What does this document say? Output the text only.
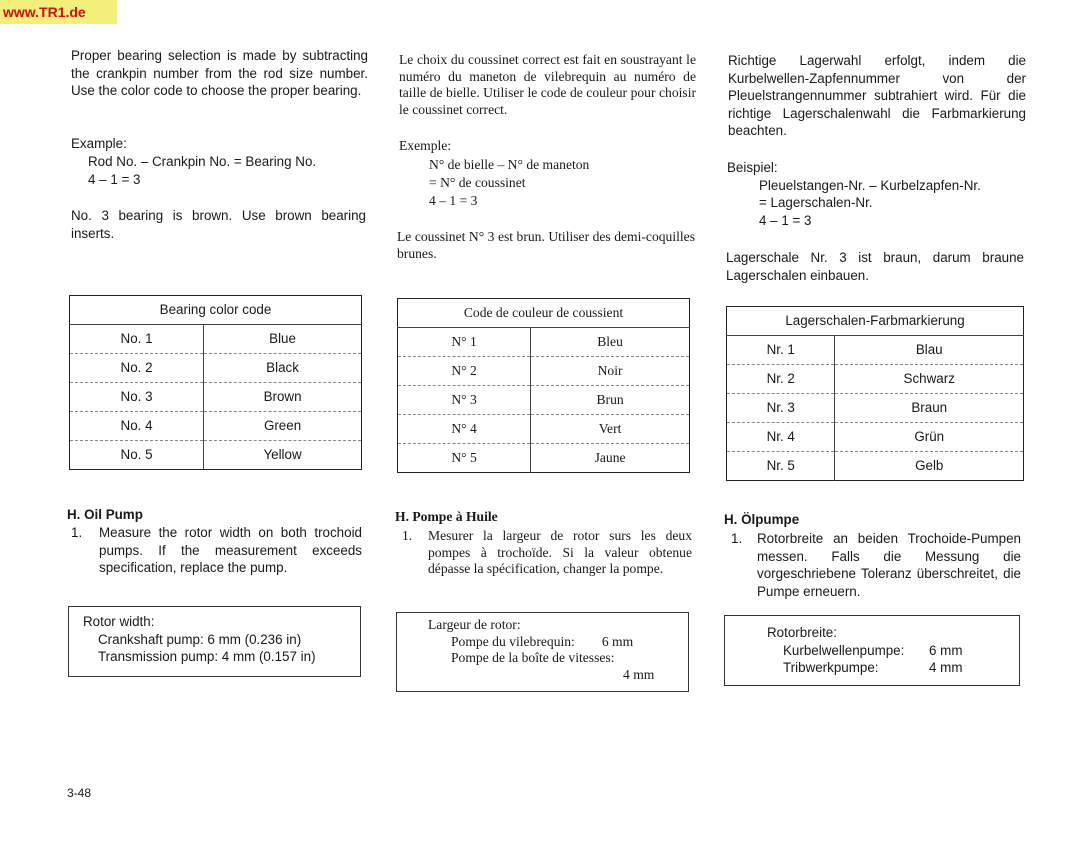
www.TR1.de

Proper bearing selection is made by subtracting the crankpin number from the rod size number. Use the color code to choose the proper bearing.

Example:

Rod No. – Crankpin No. = Bearing No.

4 – 1 = 3

No. 3 bearing is brown. Use brown bearing inserts.

Bearing color code	
No. 1	Blue
No. 2	Black
No. 3	Brown
No. 4	Green
No. 5	Yellow

H. Oil Pump

1. Measure the rotor width on both trochoid pumps. If the measurement exceeds specification, replace the pump.
Rotor width:
Crankshaft pump: 6 mm (0.236 in)
Transmission pump: 4 mm (0.157 in)

Le choix du coussinet correct est fait en soustrayant le numéro du maneton de vilebrequin au numéro de taille de bielle. Utiliser le code de couleur pour choisir le coussinet correct.

Exemple:

N° de bielle – N° de maneton

= N° de coussinet

4 – 1 = 3

Le coussinet N° 3 est brun. Utiliser des demi-coquilles brunes.

Code de couleur de coussient	
N° 1	Bleu
N° 2	Noir
N° 3	Brun
N° 4	Vert
N° 5	Jaune

H. Pompe à Huile

1. Mesurer la largeur de rotor surs les deux pompes à trochoïde. Si la valeur obtenue dépasse la spécification, changer la pompe.
Largeur de rotor:
Pompe du vilebrequin: 6 mm
Pompe de la boîte de vitesses:
4 mm

Richtige Lagerwahl erfolgt, indem die Kurbelwellen-Zapfennummer von der Pleuelstrangennummer subtrahiert wird. Für die richtige Lagerschalenwahl die Farbmarkierung beachten.

Beispiel:

Pleuelstangen-Nr. – Kurbelzapfen-Nr.

= Lagerschalen-Nr.

4 – 1 = 3

Lagerschale Nr. 3 ist braun, darum braune Lagerschalen einbauen.

Lagerschalen-Farbmarkierung	
Nr. 1	Blau
Nr. 2	Schwarz
Nr. 3	Braun
Nr. 4	Grün
Nr. 5	Gelb

H. Ölpumpe

1. Rotorbreite an beiden Trochoide-Pumpen messen. Falls die Messung die vorgeschriebene Toleranz überschreitet, die Pumpe erneuern.
Rotorbreite:
Kurbelwellenpumpe: 6 mm
Tribwerkpumpe:	4 mm
3-48
